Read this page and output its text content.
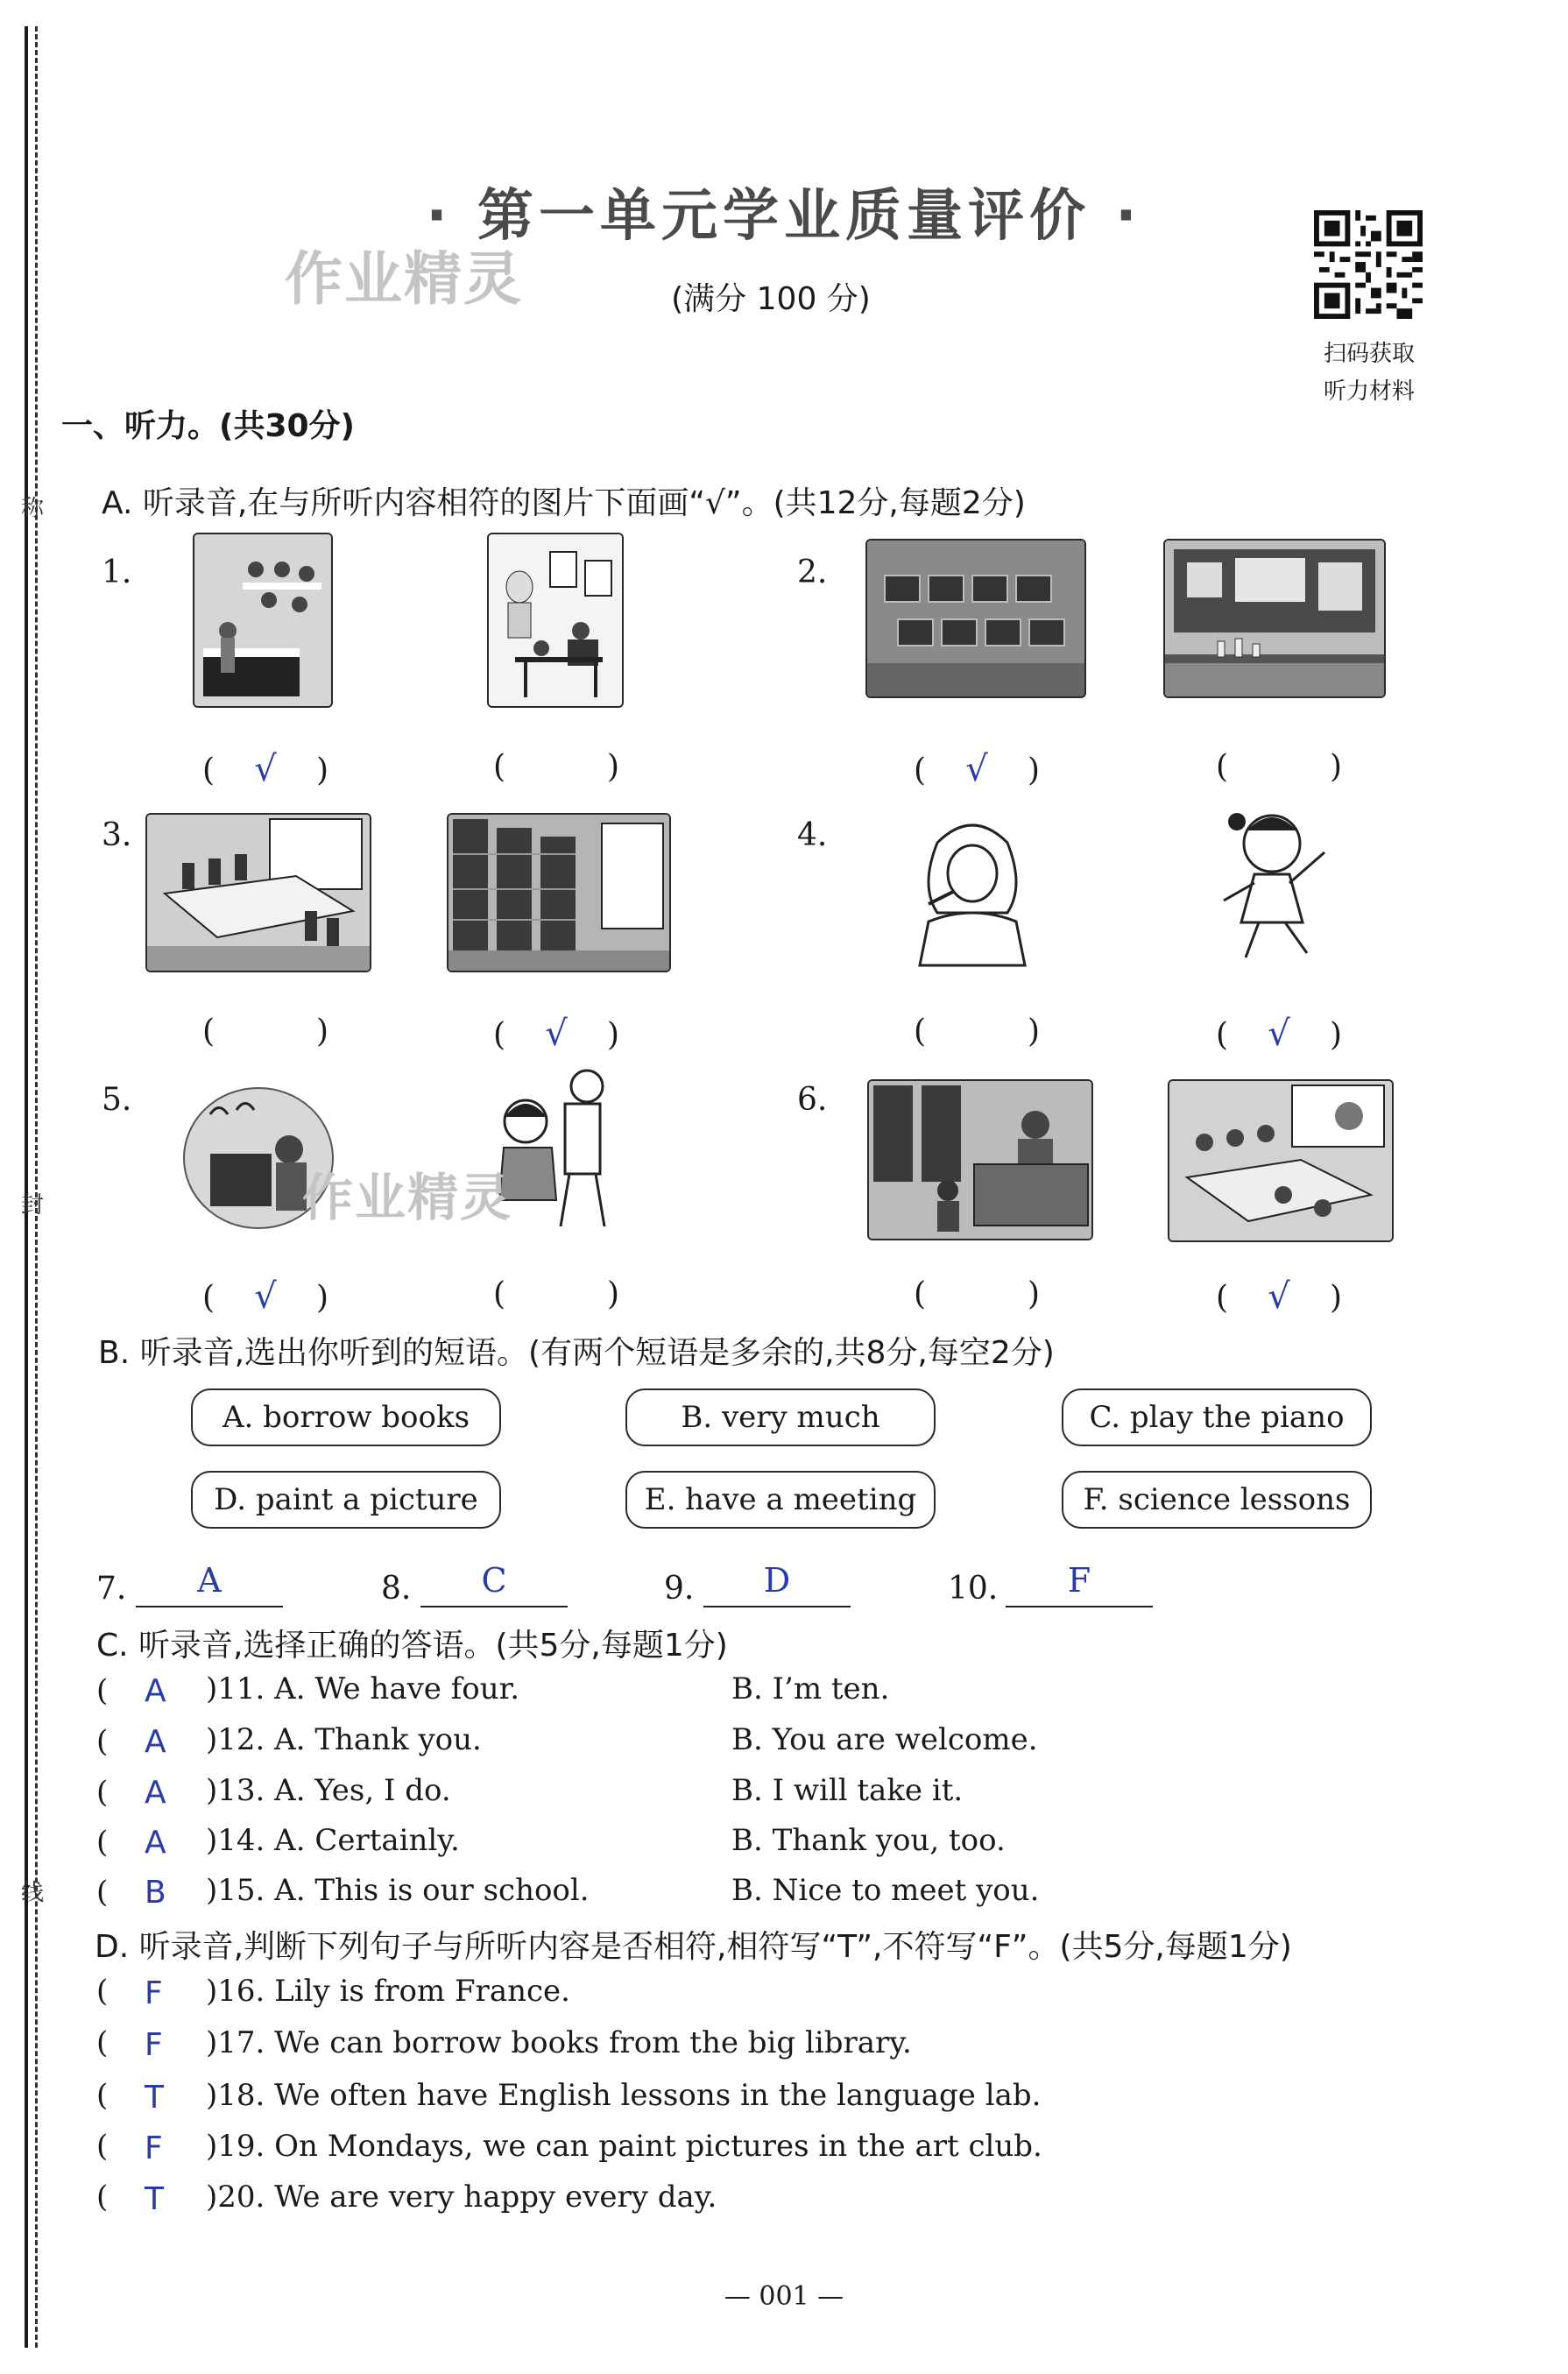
称
封
线
· 第一单元学业质量评价 ·
(满分 100 分)
作业精灵
扫码获取
听力材料
一、听力。(共30分)
A. 听录音,在与所听内容相符的图片下面画“√”。(共12分,每题2分)
1.	2.
( √ )	(	)	( √ )	(	)
3.	4.
(	)	( √ )	(	)	( √ )
5.
作业精灵
6.
( √ )	(	)	(	)	( √ )
B. 听录音,选出你听到的短语。(有两个短语是多余的,共8分,每空2分)
A. borrow books	B. very much	C. play the piano
D. paint a picture	E. have a meeting	F. science lessons
7.	A	8.	C	9.	D	10.	F
C. 听录音,选择正确的答语。(共5分,每题1分)
( A )11. A. We have four.	B. I’m ten.
( A )12. A. Thank you.	B. You are welcome.
( A )13. A. Yes, I do.	B. I will take it.
( A )14. A. Certainly.	B. Thank you, too.
( B )15. A. This is our school.	B. Nice to meet you.
D. 听录音,判断下列句子与所听内容是否相符,相符写“T”,不符写“F”。(共5分,每题1分)
( F )16. Lily is from France.
( F )17. We can borrow books from the big library.
( T )18. We often have English lessons in the language lab.
( F )19. On Mondays, we can paint pictures in the art club.
( T )20. We are very happy every day.
— 001 —
